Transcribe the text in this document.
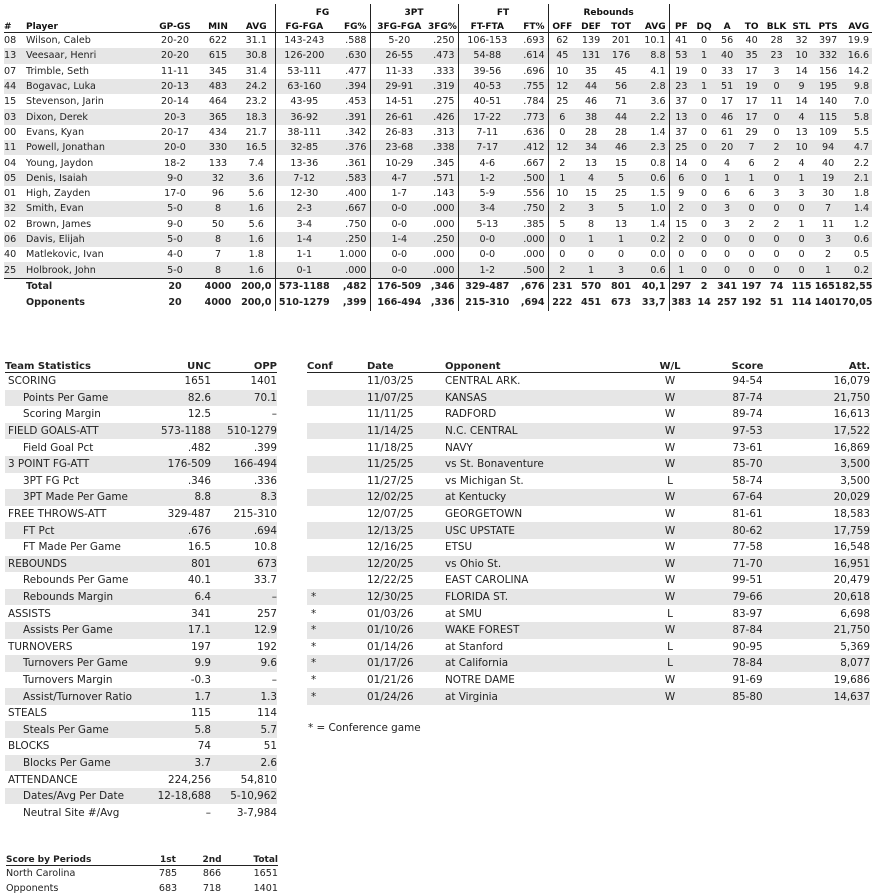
					FG		3PT		FT		Rebounds											
#	Player	GP-GS	MIN	AVG	FG-FGA	FG%	3FG-FGA	3FG%	FT-FTA	FT%	OFF	DEF	TOT	AVG	PF	DQ	A	TO	BLK	STL	PTS	AVG
08	Wilson, Caleb	20-20	622	31.1	143-243	.588	5-20	.250	106-153	.693	62	139	201	10.1	41	0	56	40	28	32	397	19.9
13	Veesaar, Henri	20-20	615	30.8	126-200	.630	26-55	.473	54-88	.614	45	131	176	8.8	53	1	40	35	23	10	332	16.6
07	Trimble, Seth	11-11	345	31.4	53-111	.477	11-33	.333	39-56	.696	10	35	45	4.1	19	0	33	17	3	14	156	14.2
44	Bogavac, Luka	20-13	483	24.2	63-160	.394	29-91	.319	40-53	.755	12	44	56	2.8	23	1	51	19	0	9	195	9.8
15	Stevenson, Jarin	20-14	464	23.2	43-95	.453	14-51	.275	40-51	.784	25	46	71	3.6	37	0	17	17	11	14	140	7.0
03	Dixon, Derek	20-3	365	18.3	36-92	.391	26-61	.426	17-22	.773	6	38	44	2.2	13	0	46	17	0	4	115	5.8
00	Evans, Kyan	20-17	434	21.7	38-111	.342	26-83	.313	7-11	.636	0	28	28	1.4	37	0	61	29	0	13	109	5.5
11	Powell, Jonathan	20-0	330	16.5	32-85	.376	23-68	.338	7-17	.412	12	34	46	2.3	25	0	20	7	2	10	94	4.7
04	Young, Jaydon	18-2	133	7.4	13-36	.361	10-29	.345	4-6	.667	2	13	15	0.8	14	0	4	6	2	4	40	2.2
05	Denis, Isaiah	9-0	32	3.6	7-12	.583	4-7	.571	1-2	.500	1	4	5	0.6	6	0	1	1	0	1	19	2.1
01	High, Zayden	17-0	96	5.6	12-30	.400	1-7	.143	5-9	.556	10	15	25	1.5	9	0	6	6	3	3	30	1.8
32	Smith, Evan	5-0	8	1.6	2-3	.667	0-0	.000	3-4	.750	2	3	5	1.0	2	0	3	0	0	0	7	1.4
02	Brown, James	9-0	50	5.6	3-4	.750	0-0	.000	5-13	.385	5	8	13	1.4	15	0	3	2	2	1	11	1.2
06	Davis, Elijah	5-0	8	1.6	1-4	.250	1-4	.250	0-0	.000	0	1	1	0.2	2	0	0	0	0	0	3	0.6
40	Matlekovic, Ivan	4-0	7	1.8	1-1	1.000	0-0	.000	0-0	.000	0	0	0	0.0	0	0	0	0	0	0	2	0.5
25	Holbrook, John	5-0	8	1.6	0-1	.000	0-0	.000	1-2	.500	2	1	3	0.6	1	0	0	0	0	0	1	0.2
	Total	20	4000	200,0	573-1188	,482	176-509	,346	329-487	,676	231	570	801	40,1	297	2	341	197	74	115	1651	82,55
	Opponents	20	4000	200,0	510-1279	,399	166-494	,336	215-310	,694	222	451	673	33,7	383	14	257	192	51	114	1401	70,05
Team Statistics	UNC	OPP
SCORING	1651	1401
Points Per Game	82.6	70.1
Scoring Margin	12.5	–
FIELD GOALS-ATT	573-1188	510-1279
Field Goal Pct	.482	.399
3 POINT FG-ATT	176-509	166-494
3PT FG Pct	.346	.336
3PT Made Per Game	8.8	8.3
FREE THROWS-ATT	329-487	215-310
FT Pct	.676	.694
FT Made Per Game	16.5	10.8
REBOUNDS	801	673
Rebounds Per Game	40.1	33.7
Rebounds Margin	6.4	–
ASSISTS	341	257
Assists Per Game	17.1	12.9
TURNOVERS	197	192
Turnovers Per Game	9.9	9.6
Turnovers Margin	-0.3	–
Assist/Turnover Ratio	1.7	1.3
STEALS	115	114
Steals Per Game	5.8	5.7
BLOCKS	74	51
Blocks Per Game	3.7	2.6
ATTENDANCE	224,256	54,810
Dates/Avg Per Date	12-18,688	5-10,962
Neutral Site #/Avg	–	3-7,984
Conf	Date	Opponent	W/L	Score	Att.
	11/03/25	CENTRAL ARK.	W	94-54	16,079
	11/07/25	KANSAS	W	87-74	21,750
	11/11/25	RADFORD	W	89-74	16,613
	11/14/25	N.C. CENTRAL	W	97-53	17,522
	11/18/25	NAVY	W	73-61	16,869
	11/25/25	vs St. Bonaventure	W	85-70	3,500
	11/27/25	vs Michigan St.	L	58-74	3,500
	12/02/25	at Kentucky	W	67-64	20,029
	12/07/25	GEORGETOWN	W	81-61	18,583
	12/13/25	USC UPSTATE	W	80-62	17,759
	12/16/25	ETSU	W	77-58	16,548
	12/20/25	vs Ohio St.	W	71-70	16,951
	12/22/25	EAST CAROLINA	W	99-51	20,479
*	12/30/25	FLORIDA ST.	W	79-66	20,618
*	01/03/26	at SMU	L	83-97	6,698
*	01/10/26	WAKE FOREST	W	87-84	21,750
*	01/14/26	at Stanford	L	90-95	5,369
*	01/17/26	at California	L	78-84	8,077
*	01/21/26	NOTRE DAME	W	91-69	19,686
*	01/24/26	at Virginia	W	85-80	14,637
* = Conference game
Score by Periods	1st	2nd	Total
North Carolina	785	866	1651
Opponents	683	718	1401
